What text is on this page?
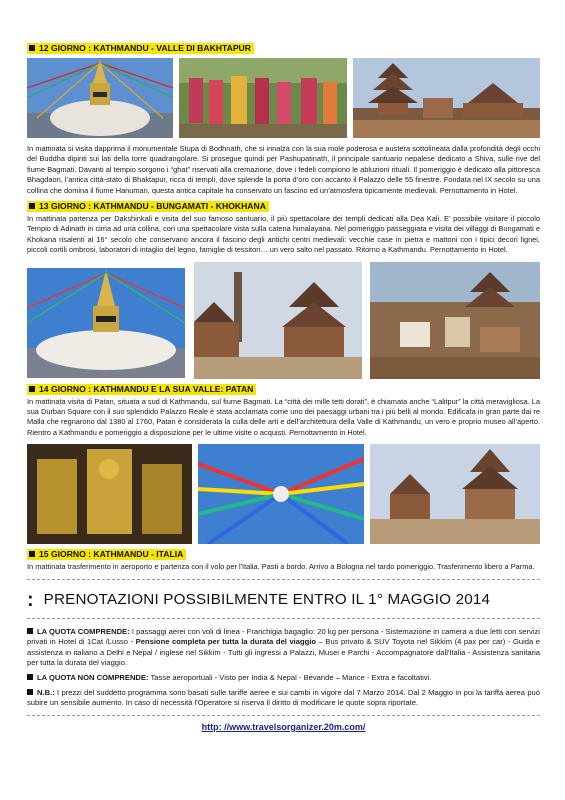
12 GIORNO : KATHMANDU - VALLE DI BAKHTAPUR

In mattinata si visita dapprima il monumentale Stupa di Bodhnath, che si innalza con la sua mole poderosa e austera sottolineata dalla profondità degli occhi del Buddha dipinti sui lati della torre quadrangolare. Si prosegue quindi per Pashupatinath, il principale santuario nepalese dedicato a Shiva, sulle rive del fiume Bagmati. Davanti al tempio sorgono i “ghat” riservati alla cremazione, dove i fedeli compiono le abluzioni rituali. Il pomeriggio è dedicato alla pittoresca Bhagdaon, l’antica città-stato di Bhaktapur, ricca di templi, dove splende la porta d’oro con accanto il Palazzo delle 55 finestre. Fondata nel IX secolo su una collina che domina il fiume Hanuman, questa antica capitale ha conservato un fascino ed un’atmosfera tipicamente medievali. Pernottamento in Hotel.

13 GIORNO : KATHMANDU - BUNGAMATI - KHOKHANA

In mattinata partenza per Dakshinkali e visita del suo famoso santuario, il più spettacolare dei templi dedicati alla Dea Kali. E’ possibile visitare il piccolo Tempio di Adinath in cima ad una collina, con una spettacolare vista sulla catena himalayana. Nel pomeriggio passeggiata e visita dei villaggi di Bungamati e Khokana risalenti al 16° secolo che conservano ancora il fascino degli antichi centri medievali: vecchie case in pietra e mattoni con i tipici decori lignei, piccoli cortili ombrosi, laboratori di intaglio del legno, famiglie di tessitori… un vero salto nel passato. Ritorno a Kathmandu. Pernottamento in Hotel.

14 GIORNO : KATHMANDU E LA SUA VALLE: PATAN

In mattinata visita di Patan, situata a sud di Kathmandu, sul fiume Bagmati. La “città dei mille tetti dorati”, è chiamata anche “Lalitpur” la città meravigliosa. La sua Durban Square con il suo splendido Palazzo Reale è stata acclamata come uno dei paesaggi urbani tra i più belli al mondo. Edificata in gran parte dai re Malla che regnarono dal 1380 al 1760, Patan è considerata la culla delle arti e dell’architettura della Valle di Kathmandu, un vero e proprio museo all’aperto. Rientro a Kathmandu e pomeriggio a disposizione per le ultime visite o acquisti. Pernottamento in Hotel.

15 GIORNO : KATHMANDU - ITALIA

In mattinata trasferimento in aeroporto e partenza con il volo per l'Italia. Pasti a bordo. Arrivo a Bologna nel tardo pomeriggio. Trasferimento libero a Parma.

: PRENOTAZIONI POSSIBILMENTE ENTRO IL 1° MAGGIO 2014

LA QUOTA COMPRENDE: I passaggi aerei con voli di linea - Franchigia bagaglio: 20 kg per persona - Sistemazione in camera a due letti con servizi privati in Hotel di 1Cat /Lusso - Pensione completa per tutta la durata del viaggio – Bus privato & SUV Toyota nel Sikkim (4 pax per car) - Guida e assistenza in italiano a Delhi e Nepal / inglese nel Sikkim - Tutti gli ingressi a Palazzi, Musei e Parchi - Accompagnatore dall'Italia - Assistenza sanitaria per tutta la durata del viaggio.

LA QUOTA NON COMPRENDE: Tasse aeroportuali - Visto per India & Nepal - Bevande – Mance - Extra e facoltativi.

N.B.: I prezzi del suddetto programma sono basati sulle tariffe aeree e sui cambi in vigore dal 7 Marzo 2014. Dal 2 Maggio in poi la tariffa aerea può subire un sensibile aumento. In caso di necessità l'Operatore si riserva il diritto di modificare le quote sopra riportate.

http: //www.travelsorganizer.20m.com/
